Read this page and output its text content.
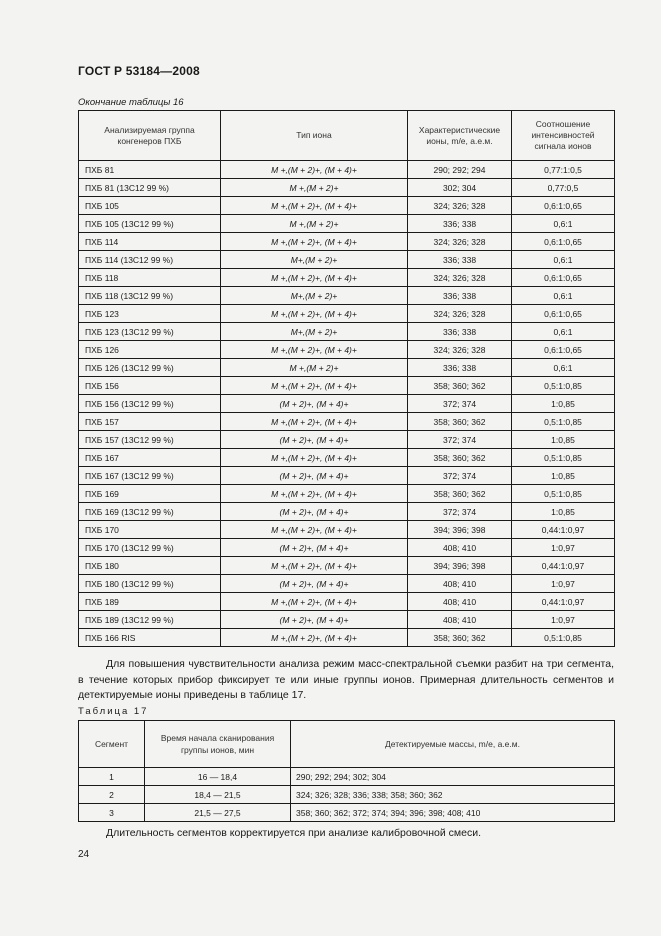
ГОСТ Р 53184—2008
Окончание таблицы 16
Анализируемая группа конгенеров ПХБ	Тип иона	Характеристические ионы, m/e, а.е.м.	Соотношение интенсивностей сигнала ионов
ПХБ 81	M +,(M + 2)+, (M + 4)+	290; 292; 294	0,77:1:0,5
ПХБ 81 (13C12 99 %)	M +,(M + 2)+	302; 304	0,77:0,5
ПХБ 105	M +,(M + 2)+, (M + 4)+	324; 326; 328	0,6:1:0,65
ПХБ 105 (13C12 99 %)	M +,(M + 2)+	336; 338	0,6:1
ПХБ 114	M +,(M + 2)+, (M + 4)+	324; 326; 328	0,6:1:0,65
ПХБ 114 (13C12 99 %)	M+,(M + 2)+	336; 338	0,6:1
ПХБ 118	M +,(M + 2)+, (M + 4)+	324; 326; 328	0,6:1:0,65
ПХБ 118 (13C12 99 %)	M+,(M + 2)+	336; 338	0,6:1
ПХБ 123	M +,(M + 2)+, (M + 4)+	324; 326; 328	0,6:1:0,65
ПХБ 123 (13C12 99 %)	M+,(M + 2)+	336; 338	0,6:1
ПХБ 126	M +,(M + 2)+, (M + 4)+	324; 326; 328	0,6:1:0,65
ПХБ 126 (13C12 99 %)	M +,(M + 2)+	336; 338	0,6:1
ПХБ 156	M +,(M + 2)+, (M + 4)+	358; 360; 362	0,5:1:0,85
ПХБ 156 (13C12 99 %)	(M + 2)+, (M + 4)+	372; 374	1:0,85
ПХБ 157	M +,(M + 2)+, (M + 4)+	358; 360; 362	0,5:1:0,85
ПХБ 157 (13C12 99 %)	(M + 2)+, (M + 4)+	372; 374	1:0,85
ПХБ 167	M +,(M + 2)+, (M + 4)+	358; 360; 362	0,5:1:0,85
ПХБ 167 (13C12 99 %)	(M + 2)+, (M + 4)+	372; 374	1:0,85
ПХБ 169	M +,(M + 2)+, (M + 4)+	358; 360; 362	0,5:1:0,85
ПХБ 169 (13C12 99 %)	(M + 2)+, (M + 4)+	372; 374	1:0,85
ПХБ 170	M +,(M + 2)+, (M + 4)+	394; 396; 398	0,44:1:0,97
ПХБ 170 (13C12 99 %)	(M + 2)+, (M + 4)+	408; 410	1:0,97
ПХБ 180	M +,(M + 2)+, (M + 4)+	394; 396; 398	0,44:1:0,97
ПХБ 180 (13C12 99 %)	(M + 2)+, (M + 4)+	408; 410	1:0,97
ПХБ 189	M +,(M + 2)+, (M + 4)+	408; 410	0,44:1:0,97
ПХБ 189 (13C12 99 %)	(M + 2)+, (M + 4)+	408; 410	1:0,97
ПХБ 166 RIS	M +,(M + 2)+, (M + 4)+	358; 360; 362	0,5:1:0,85
Для повышения чувствительности анализа режим масс-спектральной съемки разбит на три сегмента, в течение которых прибор фиксирует те или иные группы ионов. Примерная длительность сегментов и детектируемые ионы приведены в таблице 17.
Таблица 17
Сегмент	Время начала сканирования группы ионов, мин	Детектируемые массы, m/e, а.е.м.
1	16 — 18,4	290; 292; 294; 302; 304
2	18,4 — 21,5	324; 326; 328; 336; 338; 358; 360; 362
3	21,5 — 27,5	358; 360; 362; 372; 374; 394; 396; 398; 408; 410
Длительность сегментов корректируется при анализе калибровочной смеси.
24
